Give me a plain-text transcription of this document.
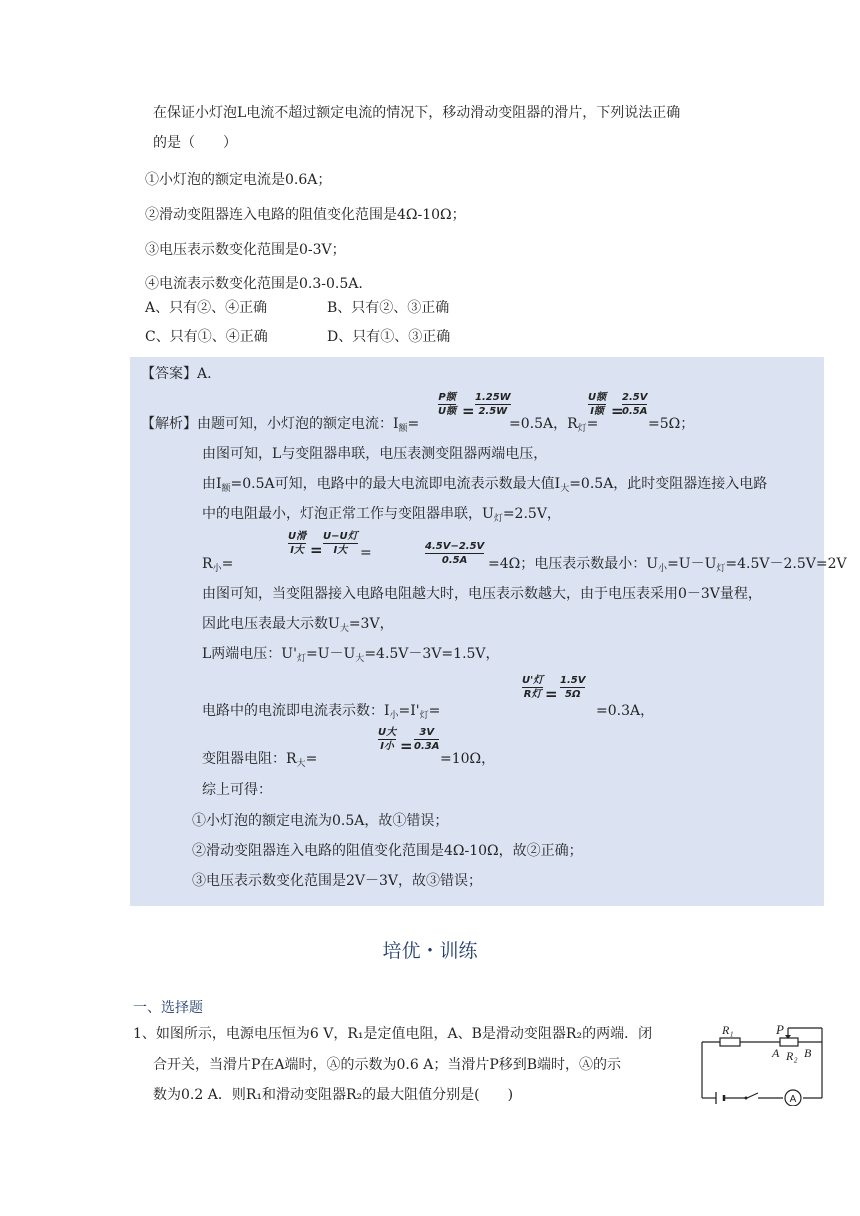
在保证小灯泡L电流不超过额定电流的情况下，移动滑动变阻器的滑片，下列说法正确
的是（　　）
①小灯泡的额定电流是0.6A；
②滑动变阻器连入电路的阻值变化范围是4Ω-10Ω；
③电压表示数变化范围是0-3V；
④电流表示数变化范围是0.3-0.5A.
A、只有②、④正确	B、只有②、③正确
C、只有①、④正确	D、只有①、③正确
【答案】A.
【解析】由题可知，小灯泡的额定电流：$I_额=$
P额
U额 =
1.25W
2.5W
=0.5A，$R_灯=$
U额
I额 =
2.5V
0.5A
=5Ω；
由图可知，L与变阻器串联，电压表测变阻器两端电压，
由$I_额=0.5A$可知，电路中的最大电流即电流表示数最大值$I_大=0.5A$，此时变阻器连接入电路
中的电阻最小，灯泡正常工作与变阻器串联，$U_灯=2.5V$，
$R_小=$
U滑
I大 =
U−U灯
I大 =	4.5V−2.5V
0.5A =4Ω；电压表示数最小：$U_小=U-U_灯=4.5V-2.5V=2V$
由图可知，当变阻器接入电路电阻越大时，电压表示数越大，由于电压表采用0－3V量程，
因此电压表最大示数$U_大=3V$，
L两端电压：$U'_灯=U-U_大=4.5V-3V=1.5V$，
电路中的电流即电流表示数：$I_小=I'_灯=$
U'灯
R灯 =
1.5V
5Ω
=0.3A，
变阻器电阻：$R_大=$
U大
I小 =
3V
0.3A
=10Ω，
综上可得：
①小灯泡的额定电流为0.5A，故①错误；
②滑动变阻器连入电路的阻值变化范围是4Ω-10Ω，故②正确；
③电压表示数变化范围是2V－3V，故③错误；
培优・训练
一、选择题
1、如图所示，电源电压恒为6 V，R₁是定值电阻，A、B是滑动变阻器R₂的两端．闭
合开关，当滑片P在A端时，Ⓐ的示数为0.6 A；当滑片P移到B端时，Ⓐ的示
数为0.2 A．则R₁和滑动变阻器R₂的最大阻值分别是(　　)	A
R₁	P
A R₂ B
